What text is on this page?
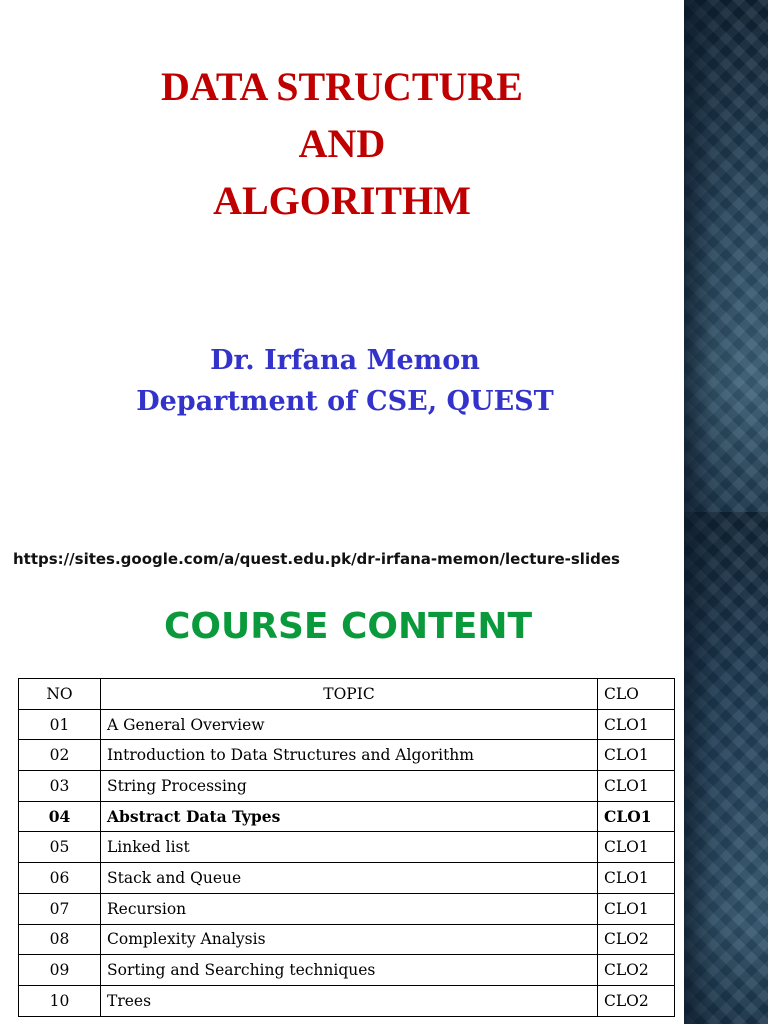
DATA STRUCTURE
AND
ALGORITHM
Dr. Irfana Memon
Department of CSE, QUEST
https://sites.google.com/a/quest.edu.pk/dr-irfana-memon/lecture-slides
COURSE CONTENT
NO	TOPIC	CLO
01	A General Overview	CLO1
02	Introduction to Data Structures and Algorithm	CLO1
03	String Processing	CLO1
04	Abstract Data Types	CLO1
05	Linked list	CLO1
06	Stack and Queue	CLO1
07	Recursion	CLO1
08	Complexity Analysis	CLO2
09	Sorting and Searching techniques	CLO2
10	Trees	CLO2
